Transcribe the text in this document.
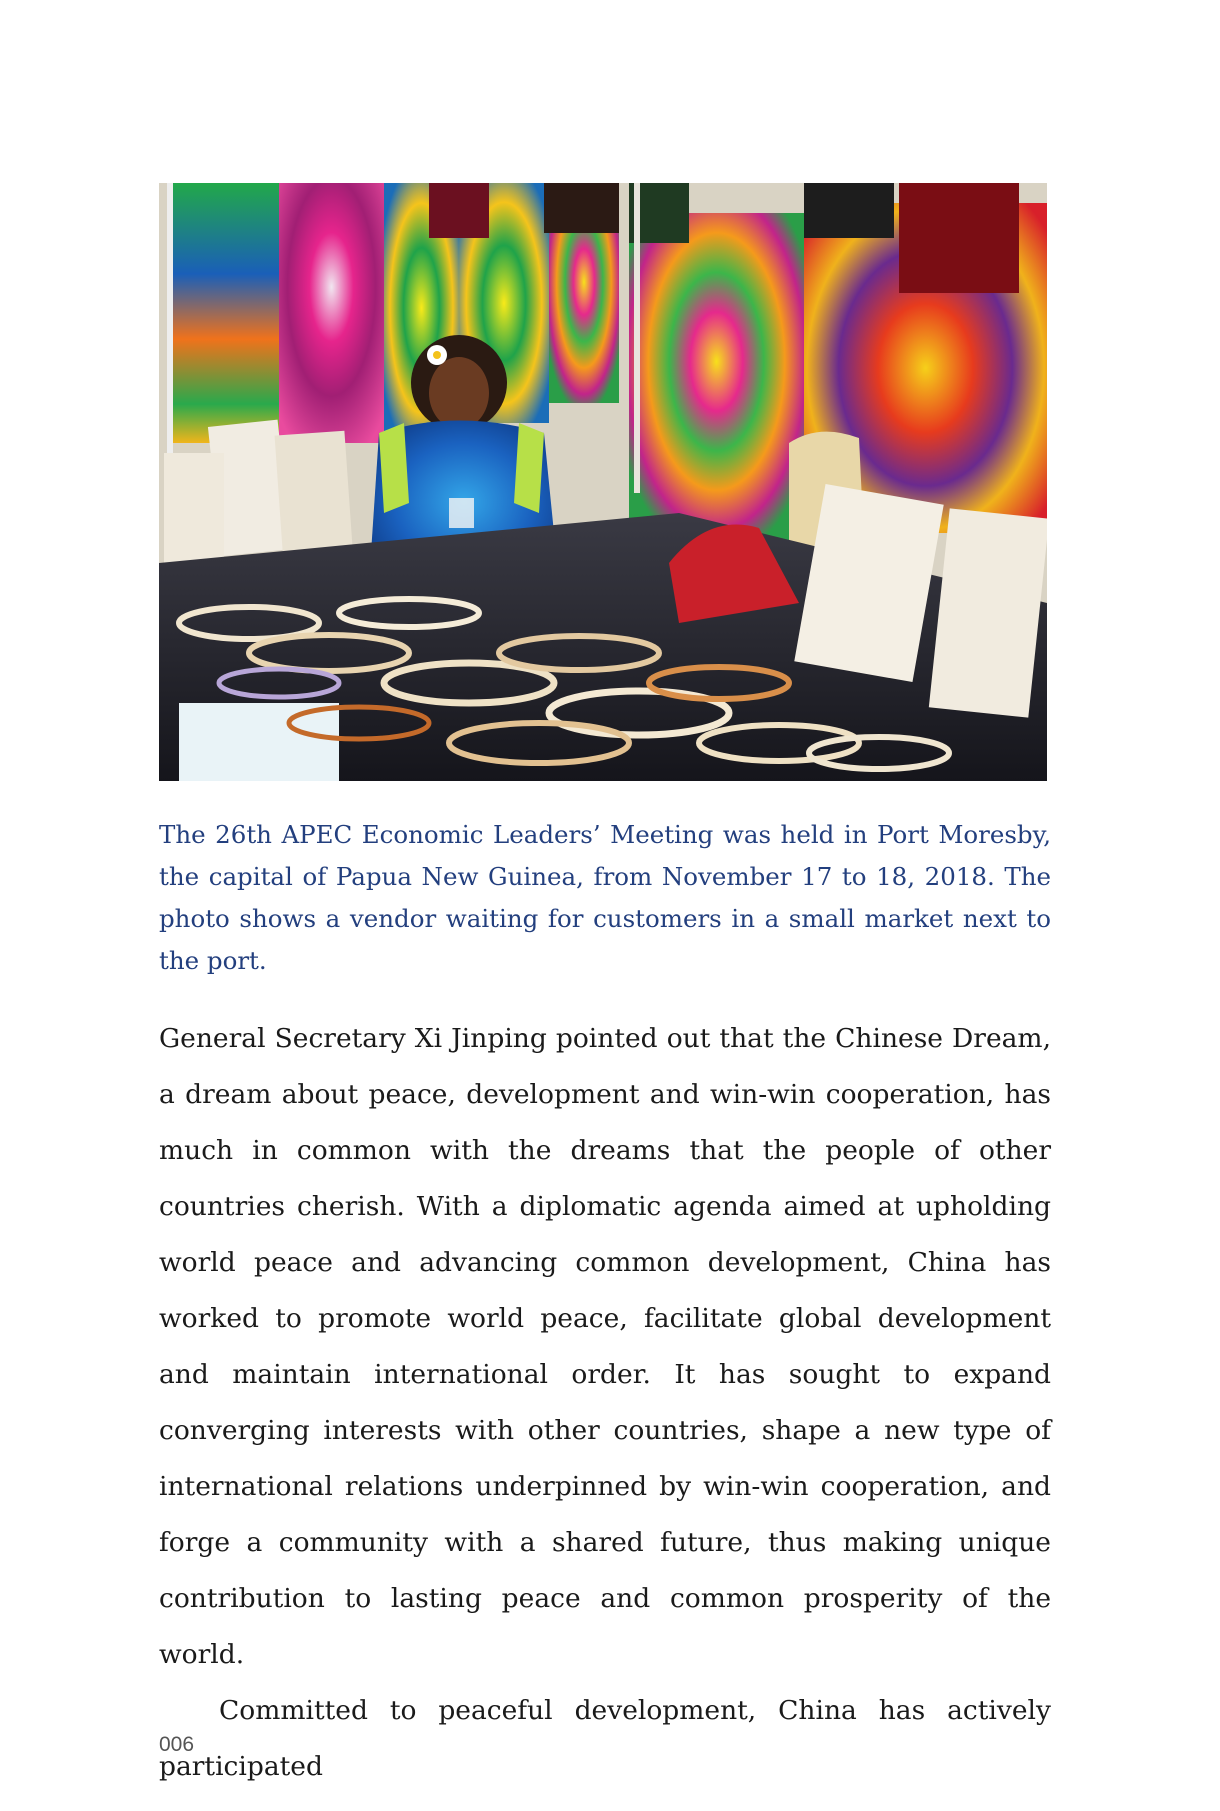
The 26th APEC Economic Leaders’ Meeting was held in Port Moresby, the capital of Papua New Guinea, from November 17 to 18, 2018. The photo shows a vendor waiting for customers in a small market next to the port.

General Secretary Xi Jinping pointed out that the Chinese Dream, a dream about peace, development and win-win cooperation, has much in common with the dreams that the people of other countries cherish. With a diplomatic agenda aimed at upholding world peace and advancing common development, China has worked to promote world peace, facilitate global development and maintain international order. It has sought to expand converging interests with other countries, shape a new type of international relations underpinned by win-win cooperation, and forge a community with a shared future, thus making unique contribution to lasting peace and common prosperity of the world.

Committed to peaceful development, China has actively participated

006
